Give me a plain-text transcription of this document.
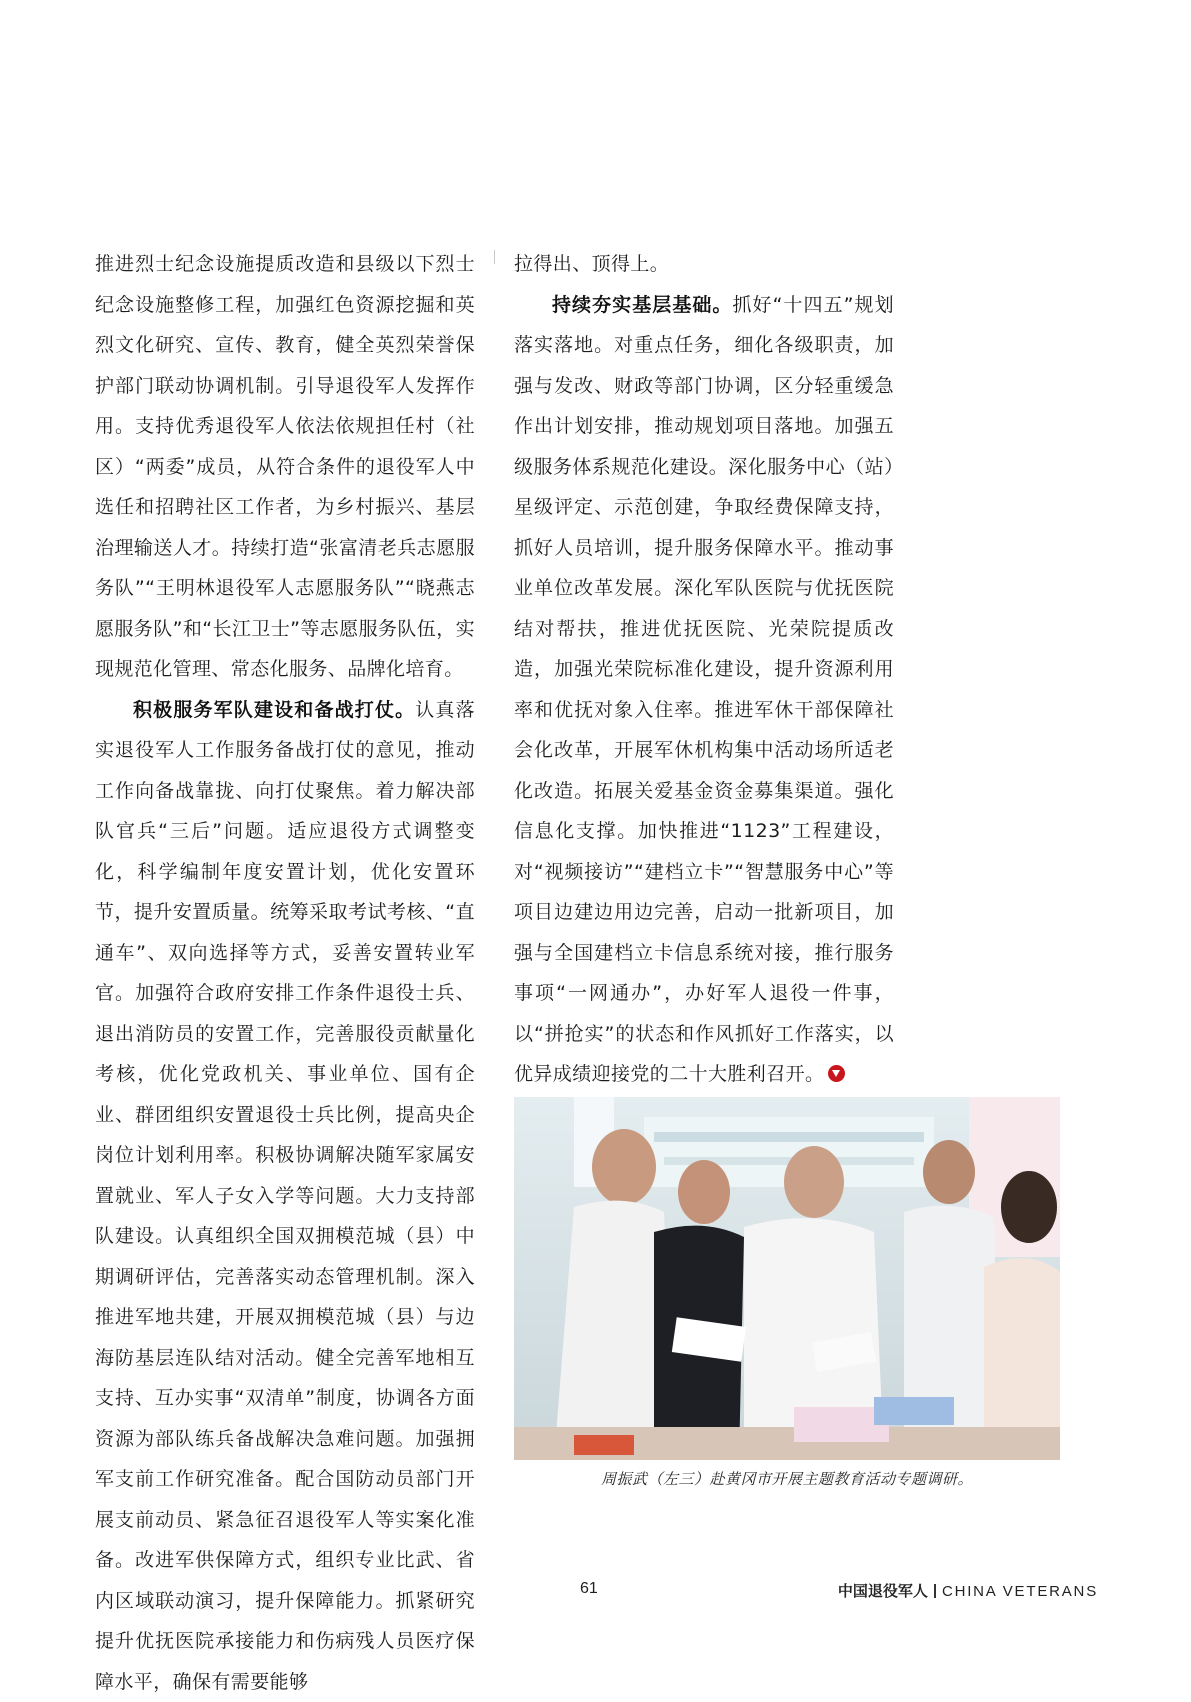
推进烈士纪念设施提质改造和县级以下烈士纪念设施整修工程，加强红色资源挖掘和英烈文化研究、宣传、教育，健全英烈荣誉保护部门联动协调机制。引导退役军人发挥作用。支持优秀退役军人依法依规担任村（社区）“两委”成员，从符合条件的退役军人中选任和招聘社区工作者，为乡村振兴、基层治理输送人才。持续打造“张富清老兵志愿服务队”“王明林退役军人志愿服务队”“晓燕志愿服务队”和“长江卫士”等志愿服务队伍，实现规范化管理、常态化服务、品牌化培育。

积极服务军队建设和备战打仗。认真落实退役军人工作服务备战打仗的意见，推动工作向备战靠拢、向打仗聚焦。着力解决部队官兵“三后”问题。适应退役方式调整变化，科学编制年度安置计划，优化安置环节，提升安置质量。统筹采取考试考核、“直通车”、双向选择等方式，妥善安置转业军官。加强符合政府安排工作条件退役士兵、退出消防员的安置工作，完善服役贡献量化考核，优化党政机关、事业单位、国有企业、群团组织安置退役士兵比例，提高央企岗位计划利用率。积极协调解决随军家属安置就业、军人子女入学等问题。大力支持部队建设。认真组织全国双拥模范城（县）中期调研评估，完善落实动态管理机制。深入推进军地共建，开展双拥模范城（县）与边海防基层连队结对活动。健全完善军地相互支持、互办实事“双清单”制度，协调各方面资源为部队练兵备战解决急难问题。加强拥军支前工作研究准备。配合国防动员部门开展支前动员、紧急征召退役军人等实案化准备。改进军供保障方式，组织专业比武、省内区域联动演习，提升保障能力。抓紧研究提升优抚医院承接能力和伤病残人员医疗保障水平，确保有需要能够

拉得出、顶得上。

持续夯实基层基础。抓好“十四五”规划落实落地。对重点任务，细化各级职责，加强与发改、财政等部门协调，区分轻重缓急作出计划安排，推动规划项目落地。加强五级服务体系规范化建设。深化服务中心（站）星级评定、示范创建，争取经费保障支持，抓好人员培训，提升服务保障水平。推动事业单位改革发展。深化军队医院与优抚医院结对帮扶，推进优抚医院、光荣院提质改造，加强光荣院标准化建设，提升资源利用率和优抚对象入住率。推进军休干部保障社会化改革，开展军休机构集中活动场所适老化改造。拓展关爱基金资金募集渠道。强化信息化支撑。加快推进“1123”工程建设，对“视频接访”“建档立卡”“智慧服务中心”等项目边建边用边完善，启动一批新项目，加强与全国建档立卡信息系统对接，推行服务事项“一网通办”，办好军人退役一件事，以“拼抢实”的状态和作风抓好工作落实，以优异成绩迎接党的二十大胜利召开。

周振武（左三）赴黄冈市开展主题教育活动专题调研。
61	中国退役军人 CHINA VETERANS
